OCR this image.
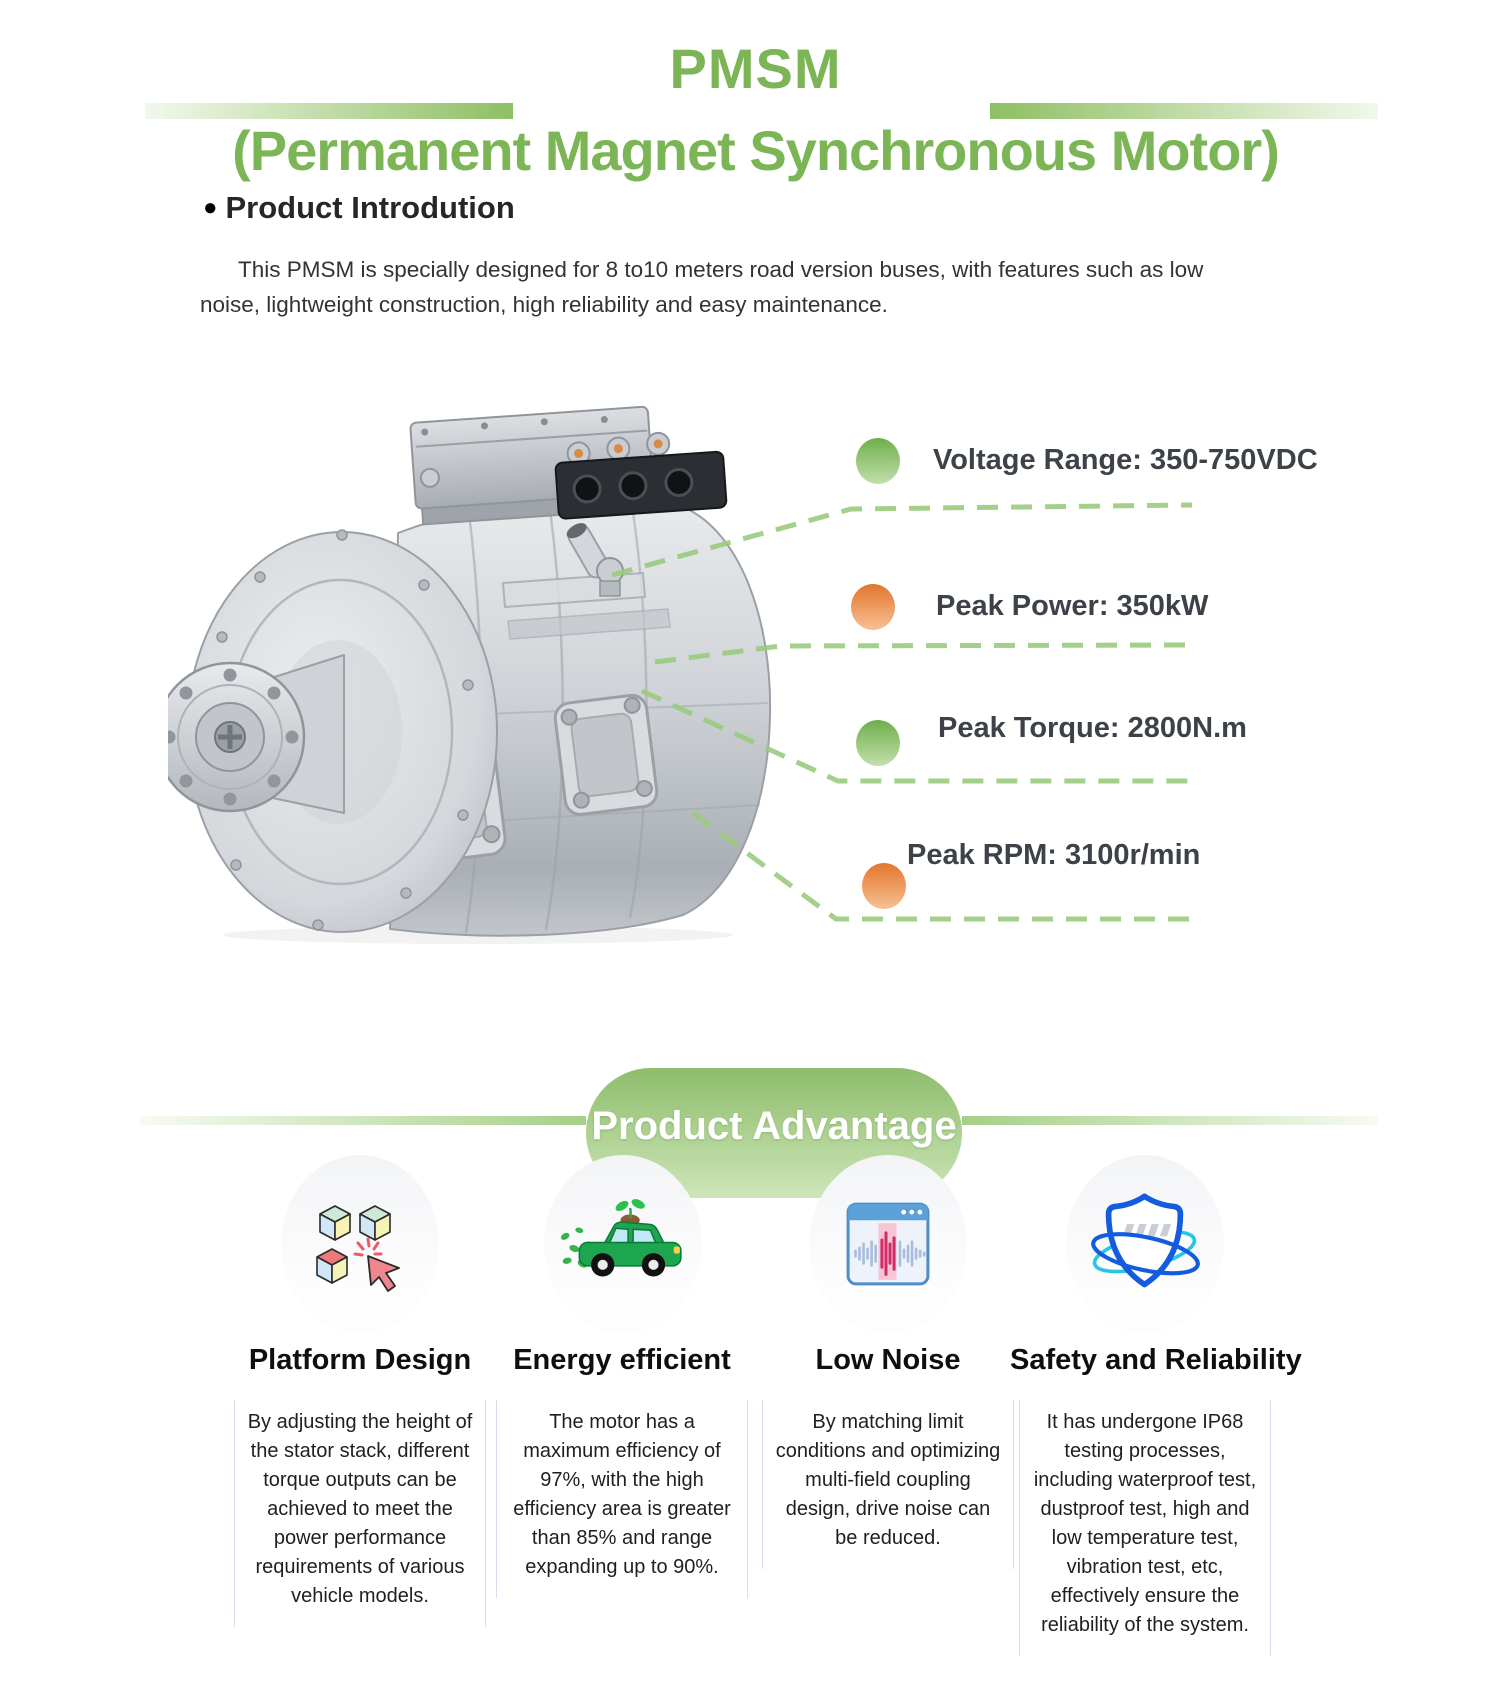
PMSM
(Permanent Magnet Synchronous Motor)
● Product Introdution
This PMSM is specially designed for 8 to10 meters road version buses, with features such as low noise, lightweight construction, high reliability and easy maintenance.
Voltage Range: 350-750VDC
Peak Power: 350kW
Peak Torque: 2800N.m
Peak RPM: 3100r/min
Product Advantage
Platform Design	Energy efficient	Low Noise	Safety and Reliability
By adjusting the height of the stator stack, different torque outputs can be achieved to meet the power performance requirements of various vehicle models.
The motor has a maximum efficiency of 97%, with the high efficiency area is greater than 85% and range expanding up to 90%.
By matching limit conditions and optimizing multi-field coupling design, drive noise can be reduced.
It has undergone IP68 testing processes, including waterproof test, dustproof test, high and low temperature test, vibration test, etc, effectively ensure the reliability of the system.
